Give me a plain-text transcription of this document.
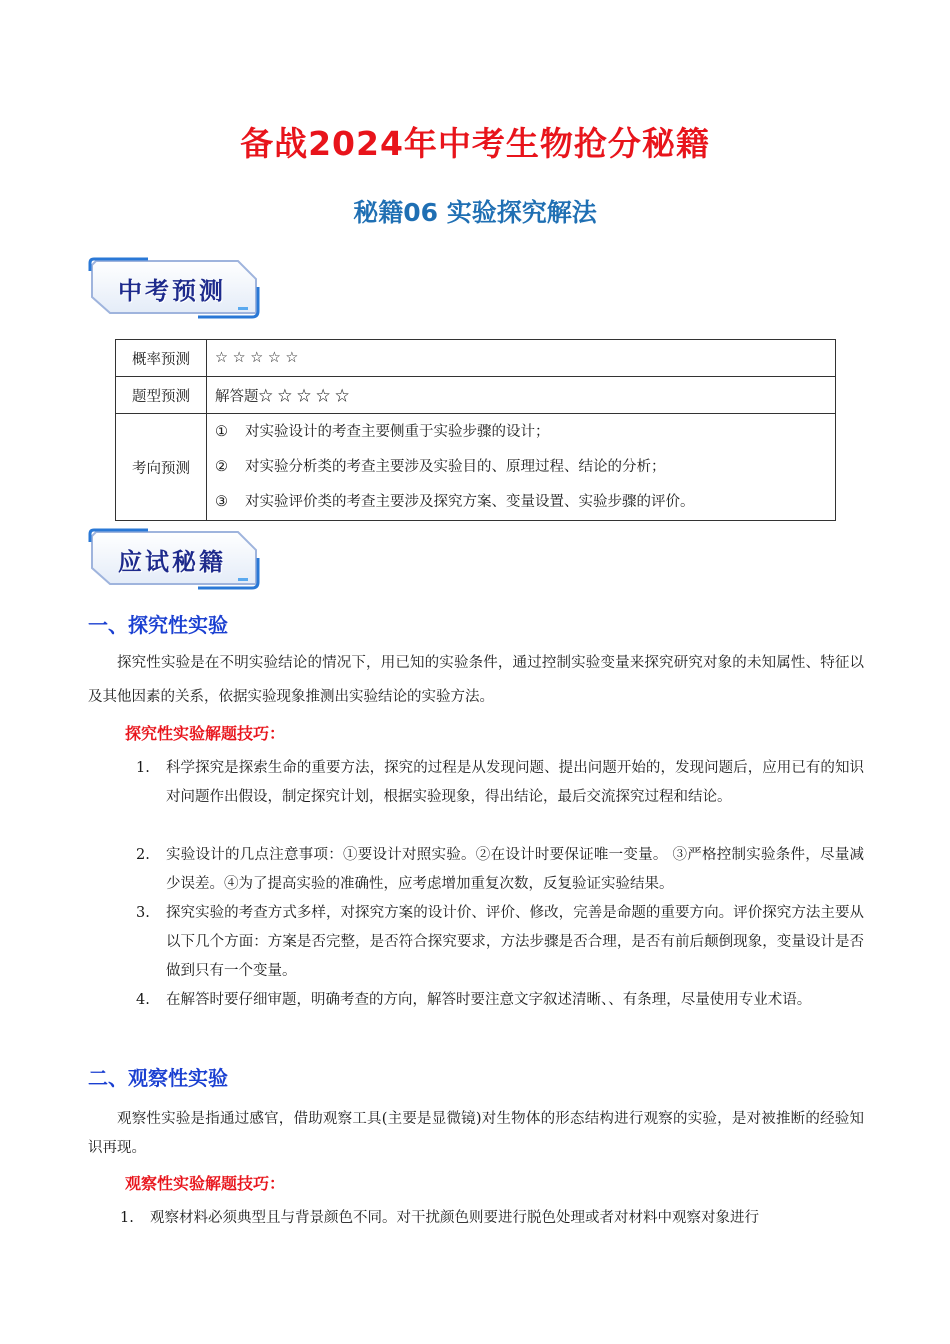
备战2024年中考生物抢分秘籍
秘籍06 实验探究解法
中考预测
概率预测	☆ ☆ ☆ ☆ ☆
题型预测	解答题☆ ☆ ☆ ☆ ☆
考向预测	① 对实验设计的考查主要侧重于实验步骤的设计；
② 对实验分析类的考查主要涉及实验目的、原理过程、结论的分析；
③ 对实验评价类的考查主要涉及探究方案、变量设置、实验步骤的评价。
应试秘籍
一、探究性实验
探究性实验是在不明实验结论的情况下，用已知的实验条件，通过控制实验变量来探究研究对象的未知属性、特征以及其他因素的关系，依据实验现象推测出实验结论的实验方法。
探究性实验解题技巧：
1.	科学探究是探索生命的重要方法，探究的过程是从发现问题、提出问题开始的，发现问题后，应用已有的知识对问题作出假设，制定探究计划，根据实验现象，得出结论，最后交流探究过程和结论。
2.	实验设计的几点注意事项：①要设计对照实验。②在设计时要保证唯一变量。 ③严格控制实验条件，尽量减少误差。④为了提高实验的准确性，应考虑增加重复次数，反复验证实验结果。
3.	探究实验的考查方式多样，对探究方案的设计价、评价、修改，完善是命题的重要方向。评价探究方法主要从以下几个方面：方案是否完整，是否符合探究要求，方法步骤是否合理，是否有前后颠倒现象，变量设计是否做到只有一个变量。
4.	在解答时要仔细审题，明确考查的方向，解答时要注意文字叙述清晰、、有条理，尽量使用专业术语。
二、观察性实验
观察性实验是指通过感官，借助观察工具(主要是显微镜)对生物体的形态结构进行观察的实验，是对被推断的经验知识再现。
观察性实验解题技巧：
1.	观察材料必须典型且与背景颜色不同。对干扰颜色则要进行脱色处理或者对材料中观察对象进行
